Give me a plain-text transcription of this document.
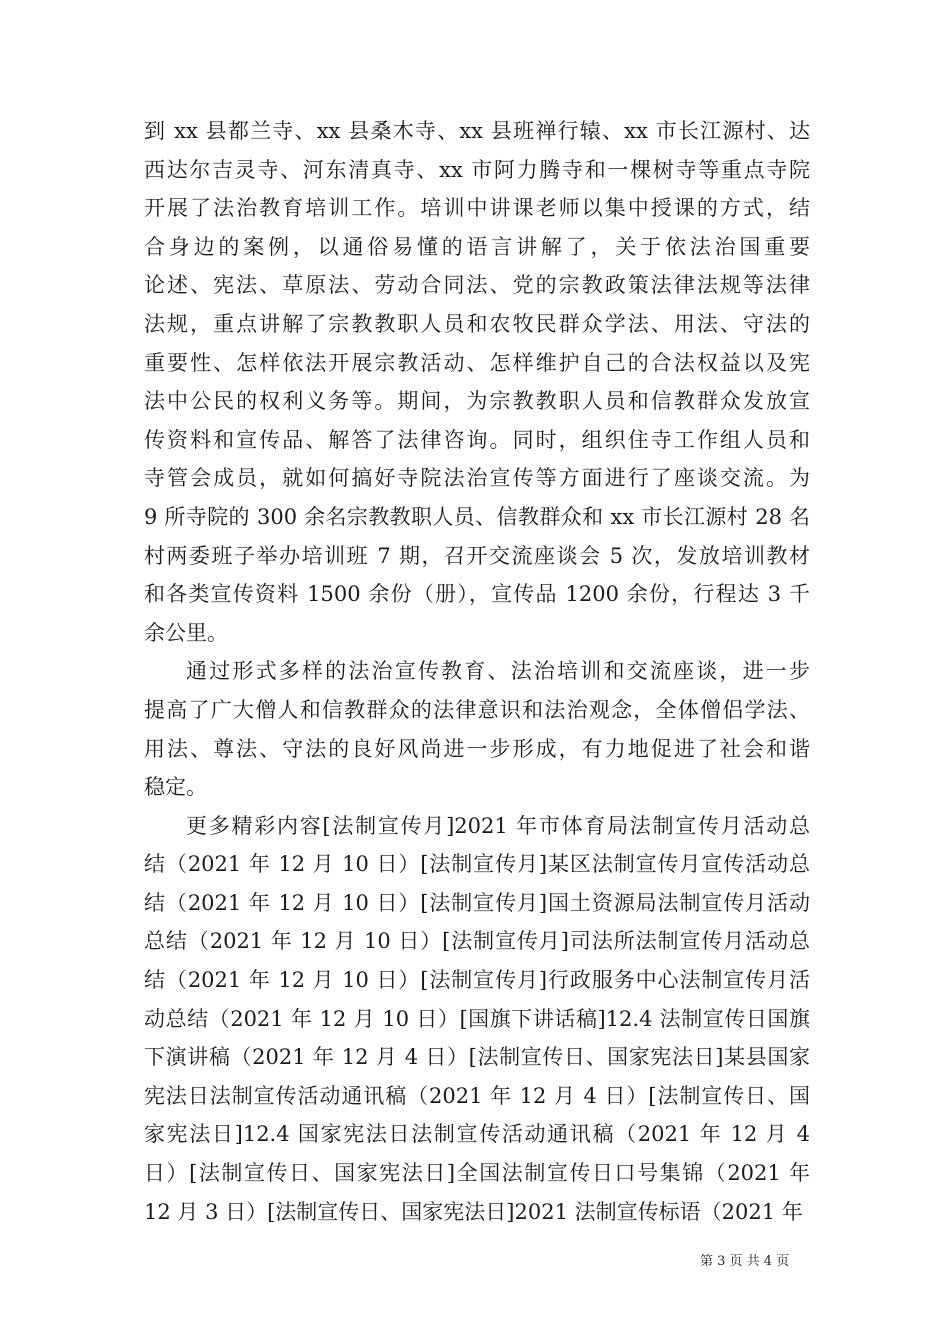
到 xx 县都兰寺、xx 县桑木寺、xx 县班禅行辕、xx 市长江源村、达
西达尔吉灵寺、河东清真寺、xx 市阿力腾寺和一棵树寺等重点寺院
开展了法治教育培训工作。培训中讲课老师以集中授课的方式，结
合身边的案例，以通俗易懂的语言讲解了，关于依法治国重要
论述、宪法、草原法、劳动合同法、党的宗教政策法律法规等法律
法规，重点讲解了宗教教职人员和农牧民群众学法、用法、守法的
重要性、怎样依法开展宗教活动、怎样维护自己的合法权益以及宪
法中公民的权利义务等。期间，为宗教教职人员和信教群众发放宣
传资料和宣传品、解答了法律咨询。同时，组织住寺工作组人员和
寺管会成员，就如何搞好寺院法治宣传等方面进行了座谈交流。为
9 所寺院的 300 余名宗教教职人员、信教群众和 xx 市长江源村 28 名
村两委班子举办培训班 7 期，召开交流座谈会 5 次，发放培训教材
和各类宣传资料 1500 余份（册），宣传品 1200 余份，行程达 3 千
余公里。
通过形式多样的法治宣传教育、法治培训和交流座谈，进一步
提高了广大僧人和信教群众的法律意识和法治观念，全体僧侣学法、
用法、尊法、守法的良好风尚进一步形成，有力地促进了社会和谐
稳定。
更多精彩内容[法制宣传月]2021 年市体育局法制宣传月活动总
结（2021 年 12 月 10 日）[法制宣传月]某区法制宣传月宣传活动总
结（2021 年 12 月 10 日）[法制宣传月]国土资源局法制宣传月活动
总结（2021 年 12 月 10 日）[法制宣传月]司法所法制宣传月活动总
结（2021 年 12 月 10 日）[法制宣传月]行政服务中心法制宣传月活
动总结（2021 年 12 月 10 日）[国旗下讲话稿]12.4 法制宣传日国旗
下演讲稿（2021 年 12 月 4 日）[法制宣传日、国家宪法日]某县国家
宪法日法制宣传活动通讯稿（2021 年 12 月 4 日）[法制宣传日、国
家宪法日]12.4 国家宪法日法制宣传活动通讯稿（2021 年 12 月 4
日）[法制宣传日、国家宪法日]全国法制宣传日口号集锦（2021 年
12 月 3 日）[法制宣传日、国家宪法日]2021 法制宣传标语（2021 年
第 3 页 共 4 页
